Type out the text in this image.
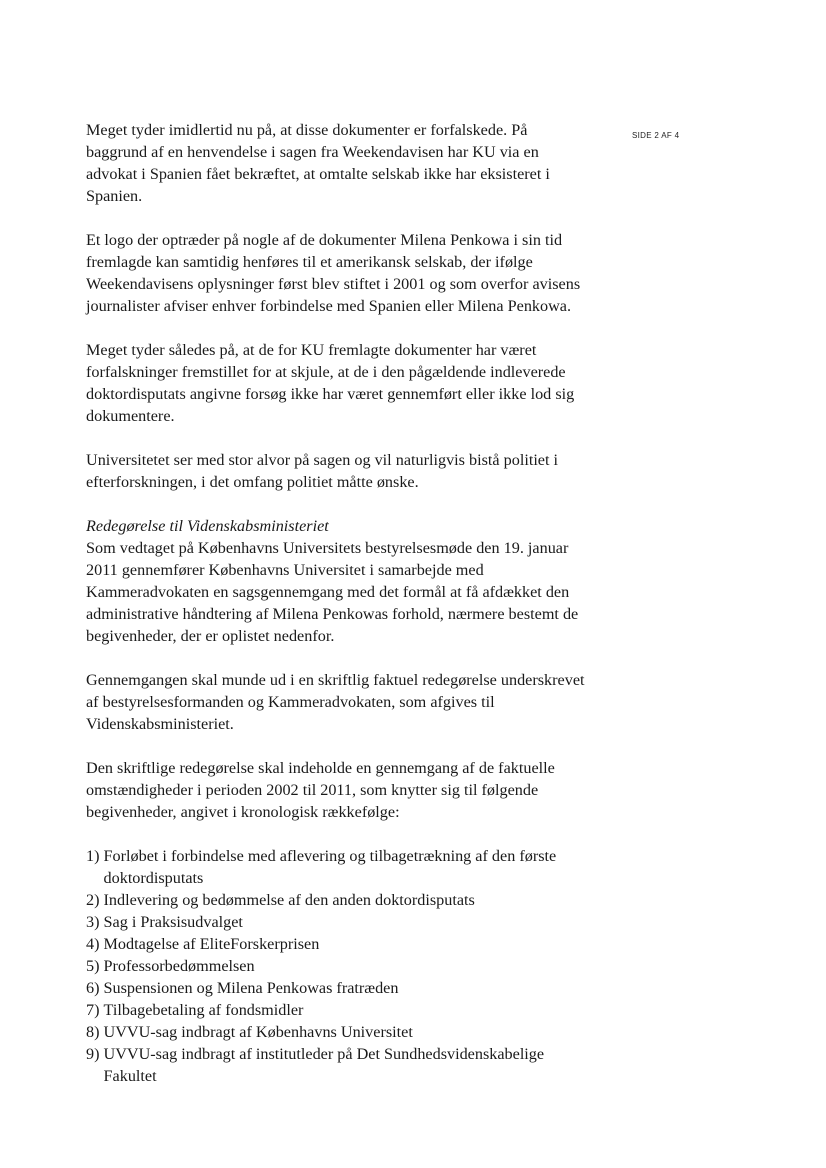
SIDE 2 AF 4

Meget tyder imidlertid nu på, at disse dokumenter er forfalskede. På baggrund af en henvendelse i sagen fra Weekendavisen har KU via en advokat i Spanien fået bekræftet, at omtalte selskab ikke har eksisteret i Spanien.

Et logo der optræder på nogle af de dokumenter Milena Penkowa i sin tid fremlagde kan samtidig henføres til et amerikansk selskab, der ifølge Weekendavisens oplysninger først blev stiftet i 2001 og som overfor avisens journalister afviser enhver forbindelse med Spanien eller Milena Penkowa.

Meget tyder således på, at de for KU fremlagte dokumenter har været forfalskninger fremstillet for at skjule, at de i den pågældende indleverede doktordisputats angivne forsøg ikke har været gennemført eller ikke lod sig dokumentere.

Universitetet ser med stor alvor på sagen og vil naturligvis bistå politiet i efterforskningen, i det omfang politiet måtte ønske.

Redegørelse til Videnskabsministeriet

Som vedtaget på Københavns Universitets bestyrelsesmøde den 19. januar 2011 gennemfører Københavns Universitet i samarbejde med Kammeradvokaten en sagsgennemgang med det formål at få afdækket den administrative håndtering af Milena Penkowas forhold, nærmere bestemt de begivenheder, der er oplistet nedenfor.

Gennemgangen skal munde ud i en skriftlig faktuel redegørelse underskrevet af bestyrelsesformanden og Kammeradvokaten, som afgives til Videnskabsministeriet.

Den skriftlige redegørelse skal indeholde en gennemgang af de faktuelle omstændigheder i perioden 2002 til 2011, som knytter sig til følgende begivenheder, angivet i kronologisk rækkefølge:

1) Forløbet i forbindelse med aflevering og tilbagetrækning af den første doktordisputats
2) Indlevering og bedømmelse af den anden doktordisputats
3) Sag i Praksisudvalget
4) Modtagelse af EliteForskerprisen
5) Professorbedømmelsen
6) Suspensionen og Milena Penkowas fratræden
7) Tilbagebetaling af fondsmidler
8) UVVU-sag indbragt af Københavns Universitet
9) UVVU-sag indbragt af institutleder på Det Sundhedsvidenskabelige Fakultet
